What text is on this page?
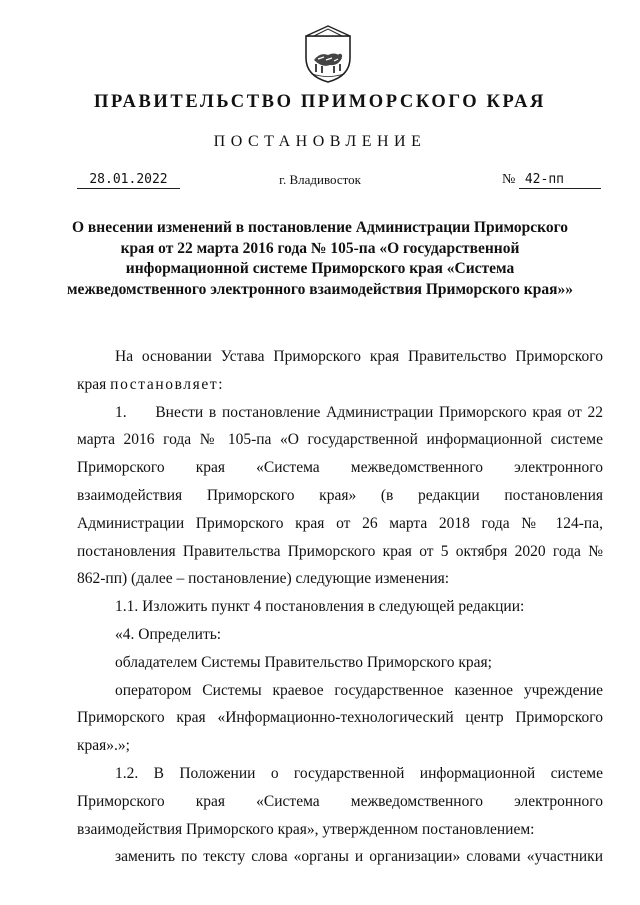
ПРАВИТЕЛЬСТВО ПРИМОРСКОГО КРАЯ
ПОСТАНОВЛЕНИЕ
28.01.2022	г. Владивосток	№ 42-пп
О внесении изменений в постановление Администрации Приморского края от 22 марта 2016 года № 105-па «О государственной информационной системе Приморского края «Система межведомственного электронного взаимодействия Приморского края»»

На основании Устава Приморского края Правительство Приморского края постановляет:

1.     Внести в постановление Администрации Приморского края от 22 марта 2016 года № 105-па «О государственной информационной системе Приморского края «Система межведомственного электронного взаимодействия Приморского края» (в редакции постановления Администрации Приморского края от 26 марта 2018 года № 124-па, постановления Правительства Приморского края от 5 октября 2020 года № 862-пп) (далее – постановление) следующие изменения:

1.1. Изложить пункт 4 постановления в следующей редакции:

«4. Определить:

обладателем Системы Правительство Приморского края;

оператором Системы краевое государственное казенное учреждение Приморского края «Информационно-технологический центр Приморского края».»;

1.2. В Положении о государственной информационной системе Приморского края «Система межведомственного электронного взаимодействия Приморского края», утвержденном постановлением:

заменить по тексту слова «органы и организации» словами «участники
